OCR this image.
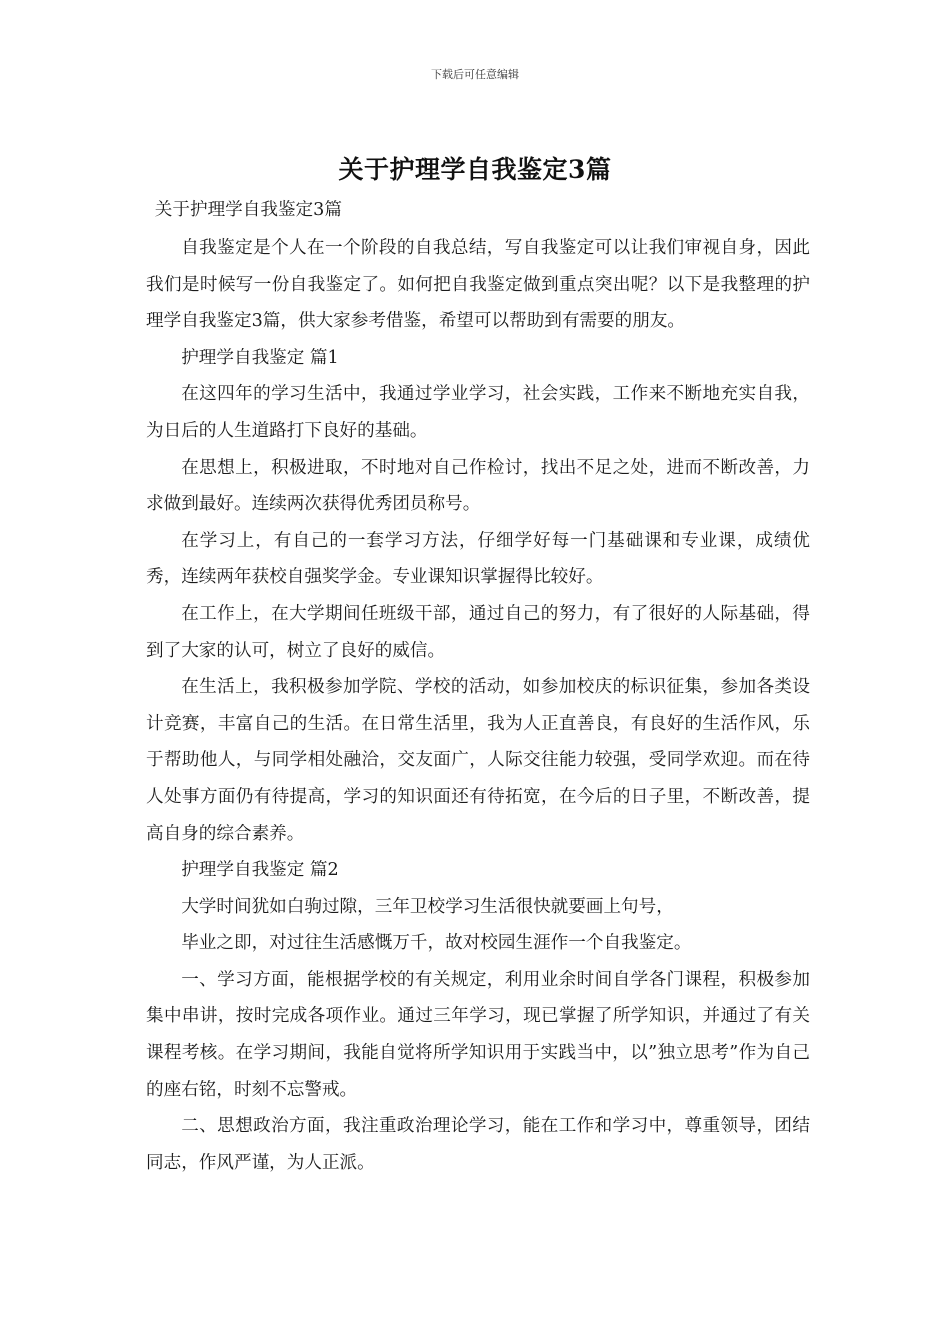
下载后可任意编辑
关于护理学自我鉴定3篇

关于护理学自我鉴定3篇

自我鉴定是个人在一个阶段的自我总结，写自我鉴定可以让我们审视自身，因此我们是时候写一份自我鉴定了。如何把自我鉴定做到重点突出呢？以下是我整理的护理学自我鉴定3篇，供大家参考借鉴，希望可以帮助到有需要的朋友。

护理学自我鉴定 篇1

在这四年的学习生活中，我通过学业学习，社会实践，工作来不断地充实自我，为日后的人生道路打下良好的基础。

在思想上，积极进取，不时地对自己作检讨，找出不足之处，进而不断改善，力求做到最好。连续两次获得优秀团员称号。

在学习上，有自己的一套学习方法，仔细学好每一门基础课和专业课，成绩优秀，连续两年获校自强奖学金。专业课知识掌握得比较好。

在工作上，在大学期间任班级干部，通过自己的努力，有了很好的人际基础，得到了大家的认可，树立了良好的威信。

在生活上，我积极参加学院、学校的活动，如参加校庆的标识征集，参加各类设计竞赛，丰富自己的生活。在日常生活里，我为人正直善良，有良好的生活作风，乐于帮助他人，与同学相处融洽，交友面广，人际交往能力较强，受同学欢迎。而在待人处事方面仍有待提高，学习的知识面还有待拓宽，在今后的日子里，不断改善，提高自身的综合素养。

护理学自我鉴定 篇2

大学时间犹如白驹过隙，三年卫校学习生活很快就要画上句号，

毕业之即，对过往生活感慨万千，故对校园生涯作一个自我鉴定。

一、学习方面，能根据学校的有关规定，利用业余时间自学各门课程，积极参加集中串讲，按时完成各项作业。通过三年学习，现已掌握了所学知识，并通过了有关课程考核。在学习期间，我能自觉将所学知识用于实践当中，以”独立思考”作为自己的座右铭，时刻不忘警戒。

二、思想政治方面，我注重政治理论学习，能在工作和学习中，尊重领导，团结同志，作风严谨，为人正派。
